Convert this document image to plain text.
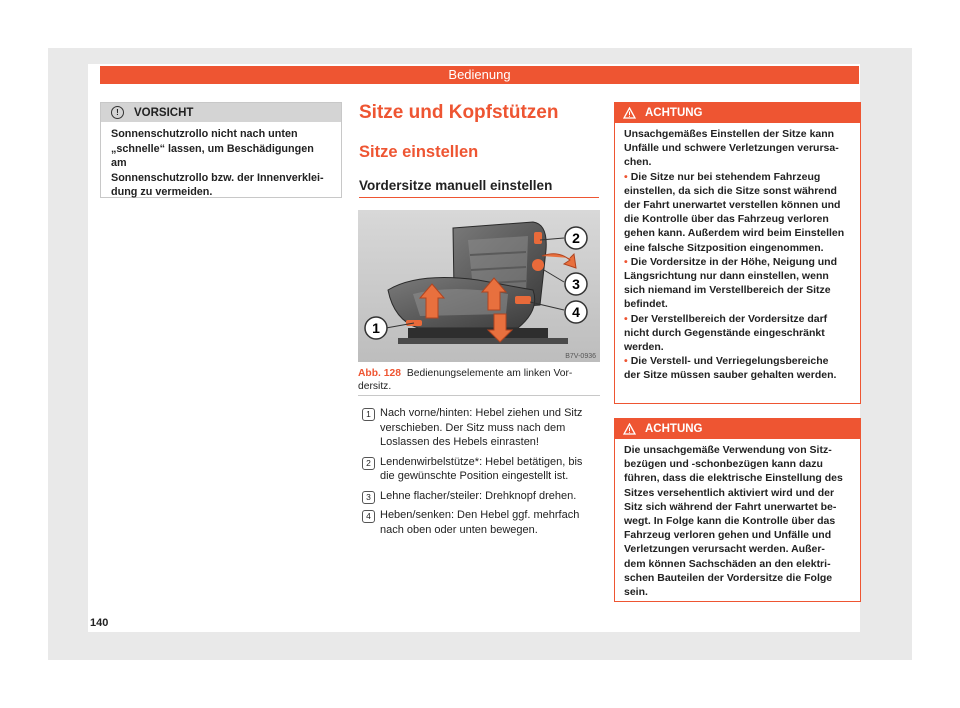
Bedienung
!	VORSICHT
Sonnenschutzrollo nicht nach unten
„schnelle“ lassen, um Beschädigungen am
Sonnenschutzrollo bzw. der Innenverklei-
dung zu vermeiden.
Sitze und Kopfstützen
Sitze einstellen
Vordersitze manuell einstellen
1
2
3
4
B7V-0936
Abb. 128 Bedienungselemente am linken Vor-
dersitz.
1 Nach vorne/hinten: Hebel ziehen und Sitz
verschieben. Der Sitz muss nach dem
Loslassen des Hebels einrasten!
2 Lendenwirbelstütze*: Hebel betätigen, bis
die gewünschte Position eingestellt ist.
3 Lehne flacher/steiler: Drehknopf drehen.
4 Heben/senken: Den Hebel ggf. mehrfach
nach oben oder unten bewegen.
ACHTUNG
Unsachgemäßes Einstellen der Sitze kann
Unfälle und schwere Verletzungen verursa-
chen.
• Die Sitze nur bei stehendem Fahrzeug
einstellen, da sich die Sitze sonst während
der Fahrt unerwartet verstellen können und
die Kontrolle über das Fahrzeug verloren
gehen kann. Außerdem wird beim Einstellen
eine falsche Sitzposition eingenommen.
• Die Vordersitze in der Höhe, Neigung und
Längsrichtung nur dann einstellen, wenn
sich niemand im Verstellbereich der Sitze
befindet.
• Der Verstellbereich der Vordersitze darf
nicht durch Gegenstände eingeschränkt
werden.
• Die Verstell- und Verriegelungsbereiche
der Sitze müssen sauber gehalten werden.
ACHTUNG
Die unsachgemäße Verwendung von Sitz-
bezügen und -schonbezügen kann dazu
führen, dass die elektrische Einstellung des
Sitzes versehentlich aktiviert wird und der
Sitz sich während der Fahrt unerwartet be-
wegt. In Folge kann die Kontrolle über das
Fahrzeug verloren gehen und Unfälle und
Verletzungen verursacht werden. Außer-
dem können Sachschäden an den elektri-
schen Bauteilen der Vordersitze die Folge
sein.
140
